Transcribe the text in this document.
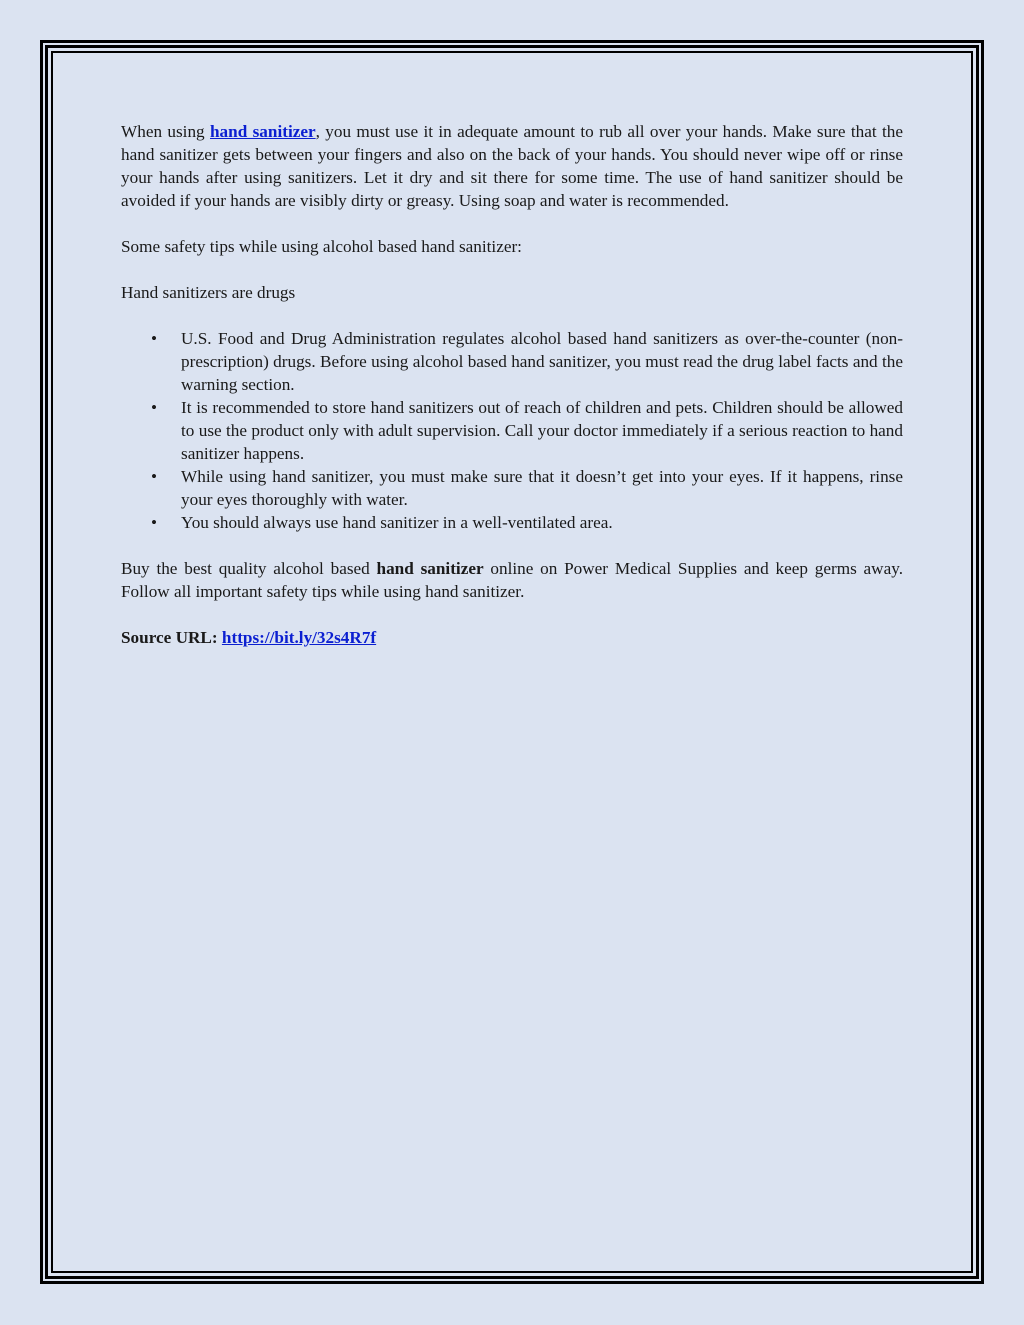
When using hand sanitizer, you must use it in adequate amount to rub all over your hands. Make sure that the hand sanitizer gets between your fingers and also on the back of your hands. You should never wipe off or rinse your hands after using sanitizers. Let it dry and sit there for some time. The use of hand sanitizer should be avoided if your hands are visibly dirty or greasy. Using soap and water is recommended.

Some safety tips while using alcohol based hand sanitizer:

Hand sanitizers are drugs

• U.S. Food and Drug Administration regulates alcohol based hand sanitizers as over-the-counter (non-prescription) drugs. Before using alcohol based hand sanitizer, you must read the drug label facts and the warning section.
• It is recommended to store hand sanitizers out of reach of children and pets. Children should be allowed to use the product only with adult supervision. Call your doctor immediately if a serious reaction to hand sanitizer happens.
• While using hand sanitizer, you must make sure that it doesn’t get into your eyes. If it happens, rinse your eyes thoroughly with water.
• You should always use hand sanitizer in a well-ventilated area.

Buy the best quality alcohol based hand sanitizer online on Power Medical Supplies and keep germs away. Follow all important safety tips while using hand sanitizer.

Source URL: https://bit.ly/32s4R7f
